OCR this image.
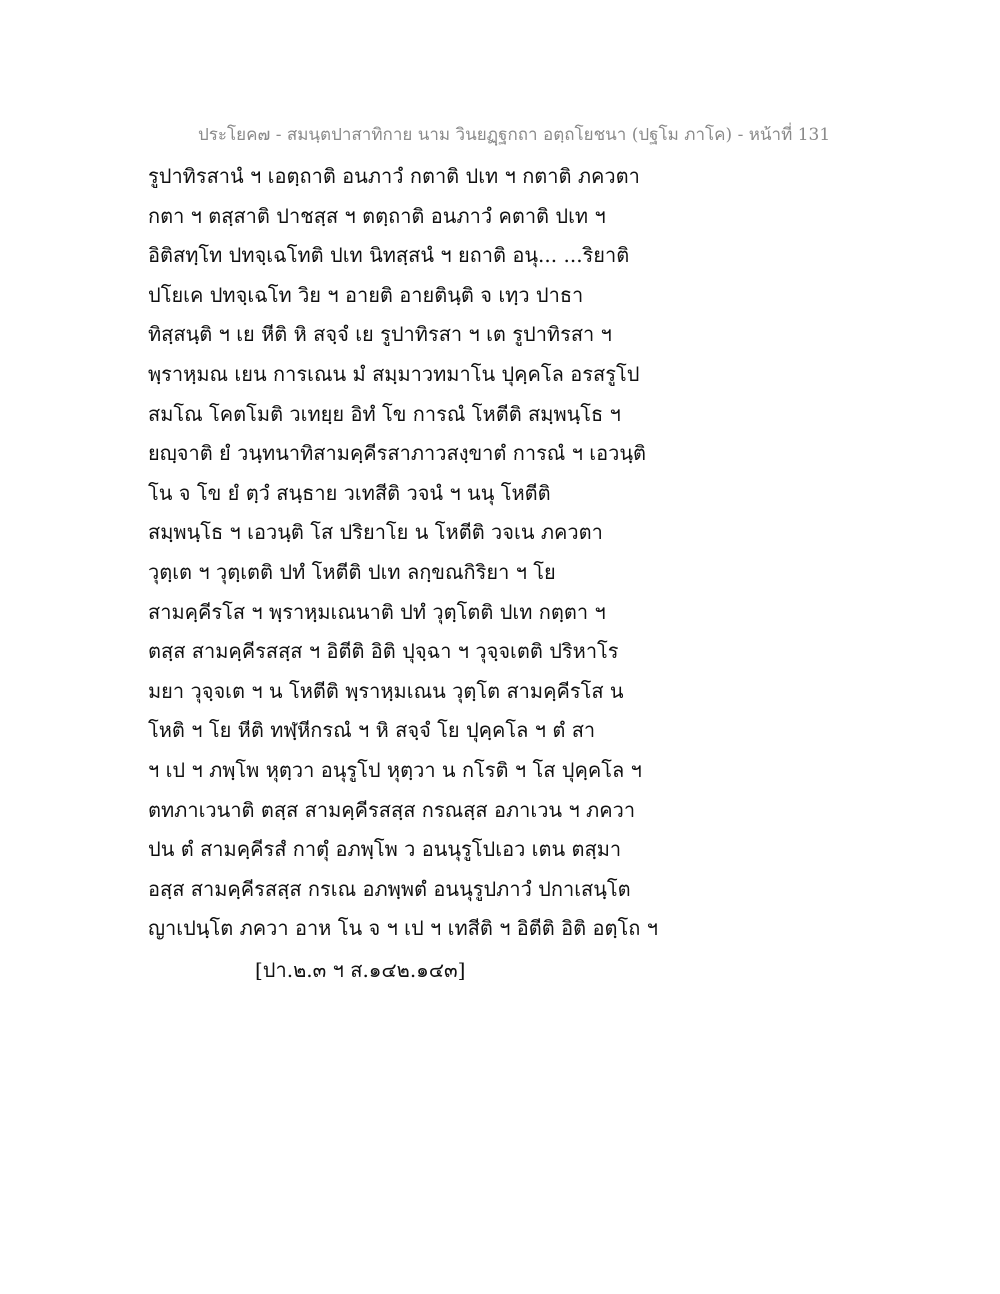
ประโยค๗ - สมนฺตปาสาทิกาย นาม วินยฏฺฐกถา อตฺถโยชนา (ปฐโม ภาโค) - หน้าที่ 131
รูปาทิรสานํ ฯ เอตฺถาติ อนภาวํ กตาติ ปเท ฯ กตาติ ภควตา
กตา ฯ ตสฺสาติ ปาชสฺส ฯ ตตฺถาติ อนภาวํ คตาติ ปเท ฯ
อิติสทฺโท ปทจฺเฉโทติ ปเท นิทสฺสนํ ฯ ยถาติ อนุ... ...ริยาติ
ปโยเค ปทจฺเฉโท วิย ฯ อายติ อายตินฺติ จ เทฺว ปาธา
ทิสฺสนฺติ ฯ เย หีติ หิ สจฺจํ เย รูปาทิรสา ฯ เต รูปาทิรสา ฯ
พฺราหฺมณ เยน การเณน มํ สมฺมาวทมาโน ปุคฺคโล อรสรูโป
สมโณ โคตโมติ วเทยฺย อิทํ โข การณํ โหตีติ สมฺพนฺโธ ฯ
ยญฺจาติ ยํ วนฺทนาทิสามคฺคีรสาภาวสงฺขาตํ การณํ ฯ เอวนฺติ
โน จ โข ยํ ตฺวํ สนฺธาย วเทสีติ วจนํ ฯ นนุ โหตีติ
สมฺพนฺโธ ฯ เอวนฺติ โส ปริยาโย น โหตีติ วจเน ภควตา
วุตฺเต ฯ วุตฺเตติ ปทํ โหตีติ ปเท ลกฺขณกิริยา ฯ โย
สามคฺคีรโส ฯ พฺราหฺมเณนาติ ปทํ วุตฺโตติ ปเท กตฺตา ฯ
ตสฺส สามคฺคีรสสฺส ฯ อิตีติ อิติ ปุจฺฉา ฯ วุจฺจเตติ ปริหาโร
มยา วุจฺจเต ฯ น โหตีติ พฺราหฺมเณน วุตฺโต สามคฺคีรโส น
โหติ ฯ โย หีติ ทฬฺหีกรณํ ฯ หิ สจฺจํ โย ปุคฺคโล ฯ ตํ สา
ฯ เป ฯ ภพฺโพ หุตฺวา อนุรูโป หุตฺวา น กโรติ ฯ โส ปุคฺคโล ฯ
ตทภาเวนาติ ตสฺส สามคฺคีรสสฺส กรณสฺส อภาเวน ฯ ภควา
ปน ตํ สามคฺคีรสํ กาตุํ อภพฺโพ ว อนนุรูโปเอว เตน ตสฺมา
อสฺส สามคฺคีรสสฺส กรเณ อภพฺพตํ อนนุรูปภาวํ ปกาเสนฺโต
ญาเปนฺโต ภควา อาห โน จ ฯ เป ฯ เทสีติ ฯ อิตีติ อิติ อตฺโถ ฯ
[ปา.๒.๓ ฯ ส.๑๔๒.๑๔๓]
